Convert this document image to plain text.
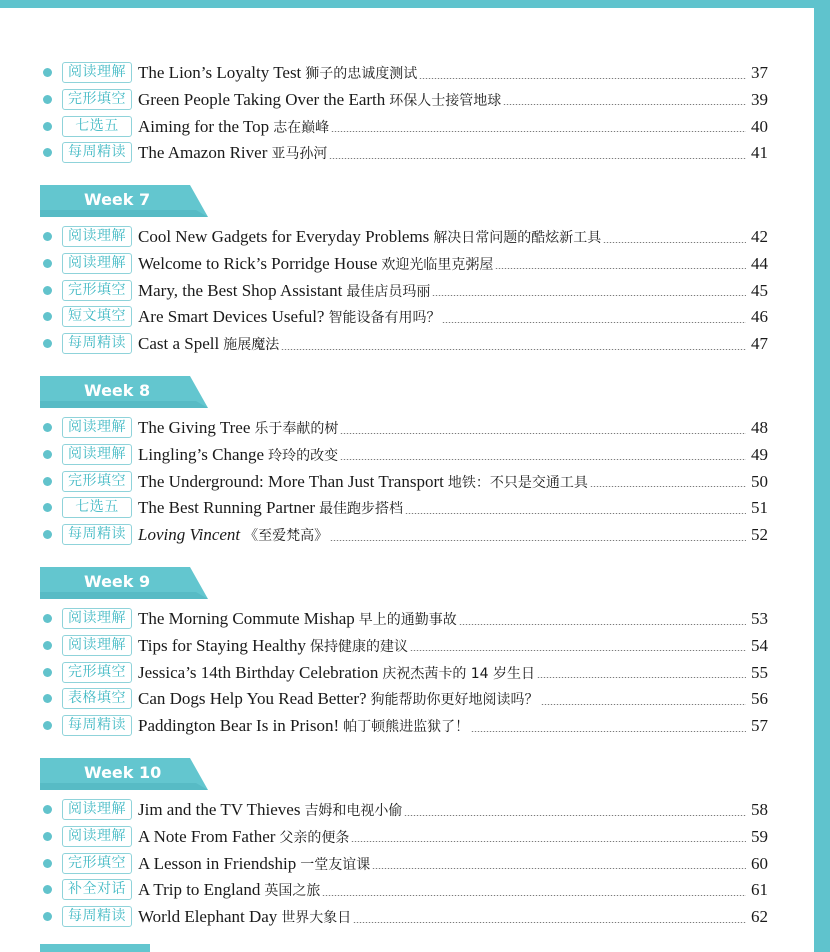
阅读理解 The Lion’s Loyalty Test 狮子的忠诚度测试	37
完形填空 Green People Taking Over the Earth 环保人士接管地球	39
七选五	Aiming for the Top 志在巅峰	40
每周精读 The Amazon River 亚马孙河	41
Week 7
阅读理解 Cool New Gadgets for Everyday Problems 解决日常问题的酷炫新工具	42
阅读理解 Welcome to Rick’s Porridge House 欢迎光临里克粥屋	44
完形填空 Mary, the Best Shop Assistant 最佳店员玛丽	45
短文填空 Are Smart Devices Useful? 智能设备有用吗？	46
每周精读 Cast a Spell 施展魔法	47
Week 8
阅读理解 The Giving Tree 乐于奉献的树	48
阅读理解 Lingling’s Change 玲玲的改变	49
完形填空 The Underground: More Than Just Transport 地铁：不只是交通工具	50
七选五	The Best Running Partner 最佳跑步搭档	51
每周精读 Loving Vincent 《至爱梵高》	52
Week 9
阅读理解 The Morning Commute Mishap 早上的通勤事故	53
阅读理解 Tips for Staying Healthy 保持健康的建议	54
完形填空 Jessica’s 14th Birthday Celebration 庆祝杰茜卡的 14 岁生日	55
表格填空 Can Dogs Help You Read Better? 狗能帮助你更好地阅读吗？	56
每周精读 Paddington Bear Is in Prison! 帕丁顿熊进监狱了！	57
Week 10
阅读理解 Jim and the TV Thieves 吉姆和电视小偷	58
阅读理解 A Note From Father 父亲的便条	59
完形填空 A Lesson in Friendship 一堂友谊课	60
补全对话 A Trip to England 英国之旅	61
每周精读 World Elephant Day 世界大象日	62
